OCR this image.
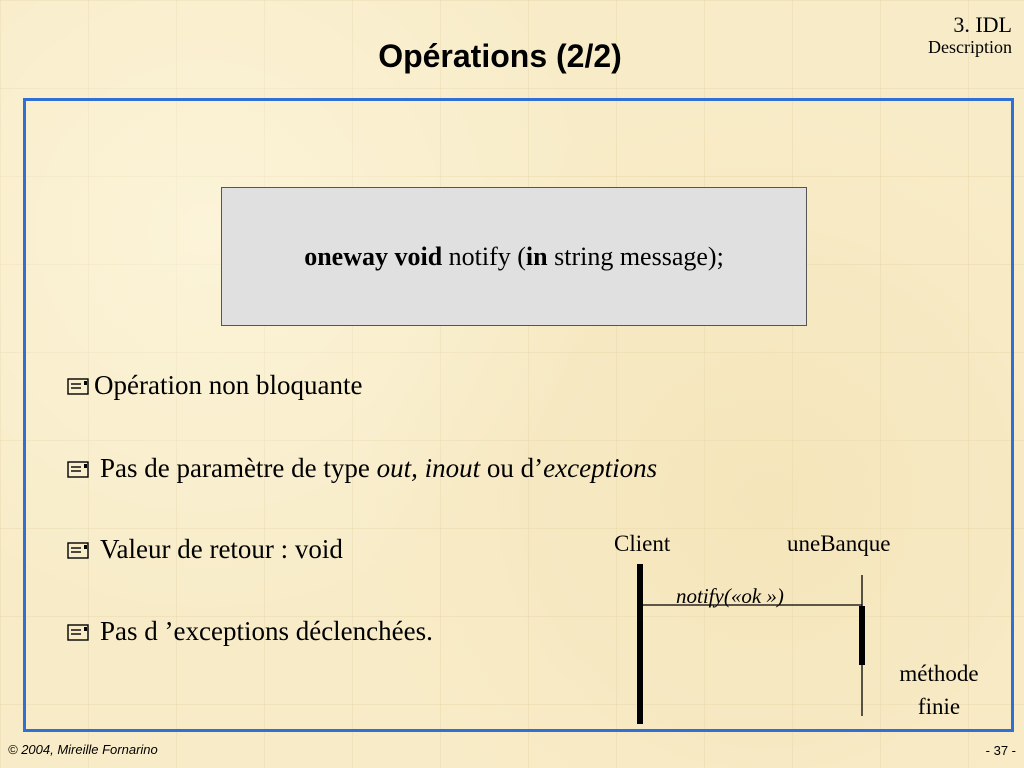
3. IDL
Description
Opérations (2/2)
oneway void notify (in string message);
Opération non bloquante
Pas de paramètre de type out, inout ou d’exceptions
Valeur de retour : void
Pas d ’exceptions déclenchées.
Client	uneBanque
notify(«ok »)
méthode
finie
© 2004, Mireille Fornarino	- 37 -
